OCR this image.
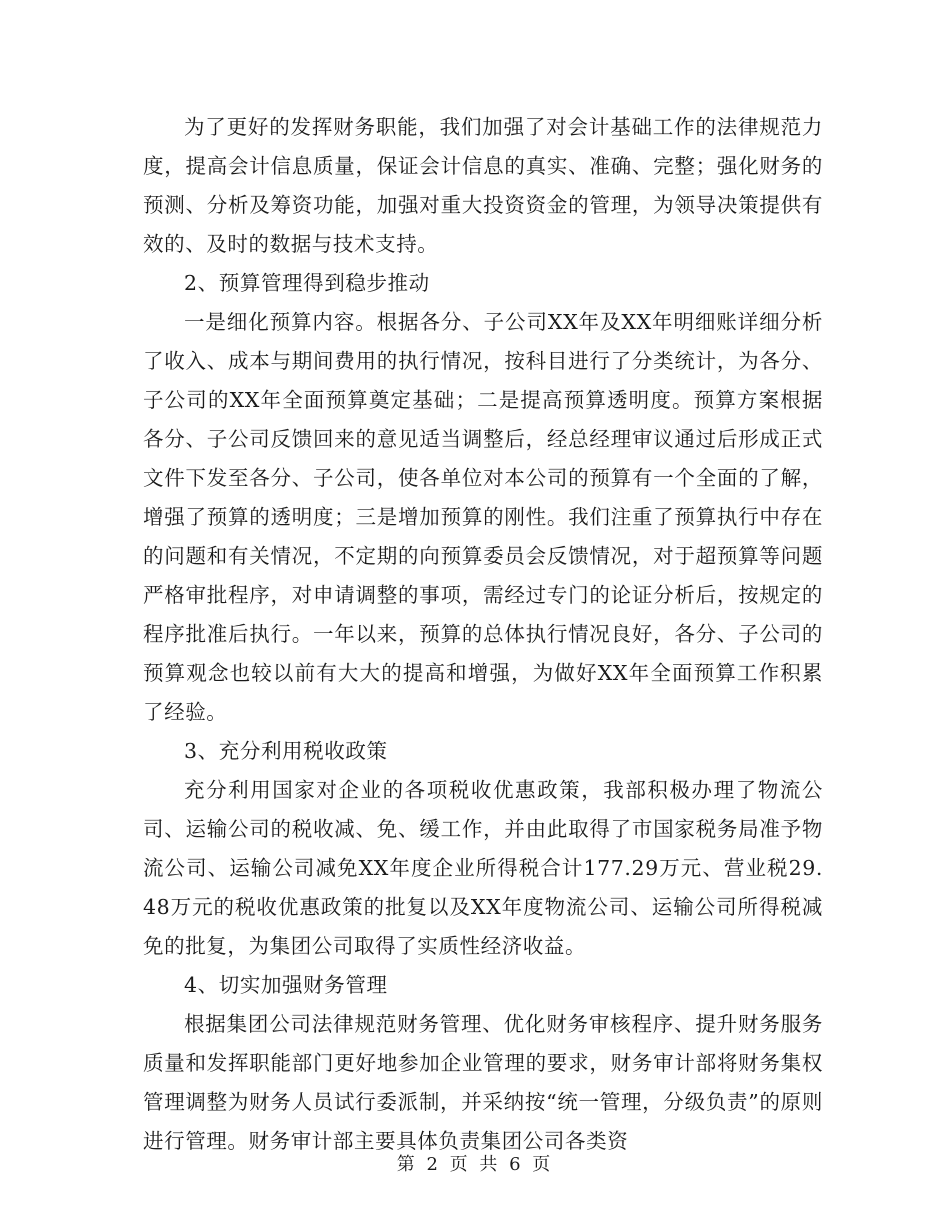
为了更好的发挥财务职能，我们加强了对会计基础工作的法律规范力度，提高会计信息质量，保证会计信息的真实、准确、完整；强化财务的预测、分析及筹资功能，加强对重大投资资金的管理，为领导决策提供有效的、及时的数据与技术支持。

2、预算管理得到稳步推动

一是细化预算内容。根据各分、子公司XX年及XX年明细账详细分析了收入、成本与期间费用的执行情况，按科目进行了分类统计，为各分、子公司的XX年全面预算奠定基础；二是提高预算透明度。预算方案根据各分、子公司反馈回来的意见适当调整后，经总经理审议通过后形成正式文件下发至各分、子公司，使各单位对本公司的预算有一个全面的了解，增强了预算的透明度；三是增加预算的刚性。我们注重了预算执行中存在的问题和有关情况，不定期的向预算委员会反馈情况，对于超预算等问题严格审批程序，对申请调整的事项，需经过专门的论证分析后，按规定的程序批准后执行。一年以来，预算的总体执行情况良好，各分、子公司的预算观念也较以前有大大的提高和增强，为做好XX年全面预算工作积累了经验。

3、充分利用税收政策

充分利用国家对企业的各项税收优惠政策，我部积极办理了物流公司、运输公司的税收减、免、缓工作，并由此取得了市国家税务局准予物流公司、运输公司减免XX年度企业所得税合计177.29万元、营业税29.48万元的税收优惠政策的批复以及XX年度物流公司、运输公司所得税减免的批复，为集团公司取得了实质性经济收益。

4、切实加强财务管理

根据集团公司法律规范财务管理、优化财务审核程序、提升财务服务质量和发挥职能部门更好地参加企业管理的要求，财务审计部将财务集权管理调整为财务人员试行委派制，并采纳按“统一管理，分级负责”的原则进行管理。财务审计部主要具体负责集团公司各类资

第 2 页 共 6 页
